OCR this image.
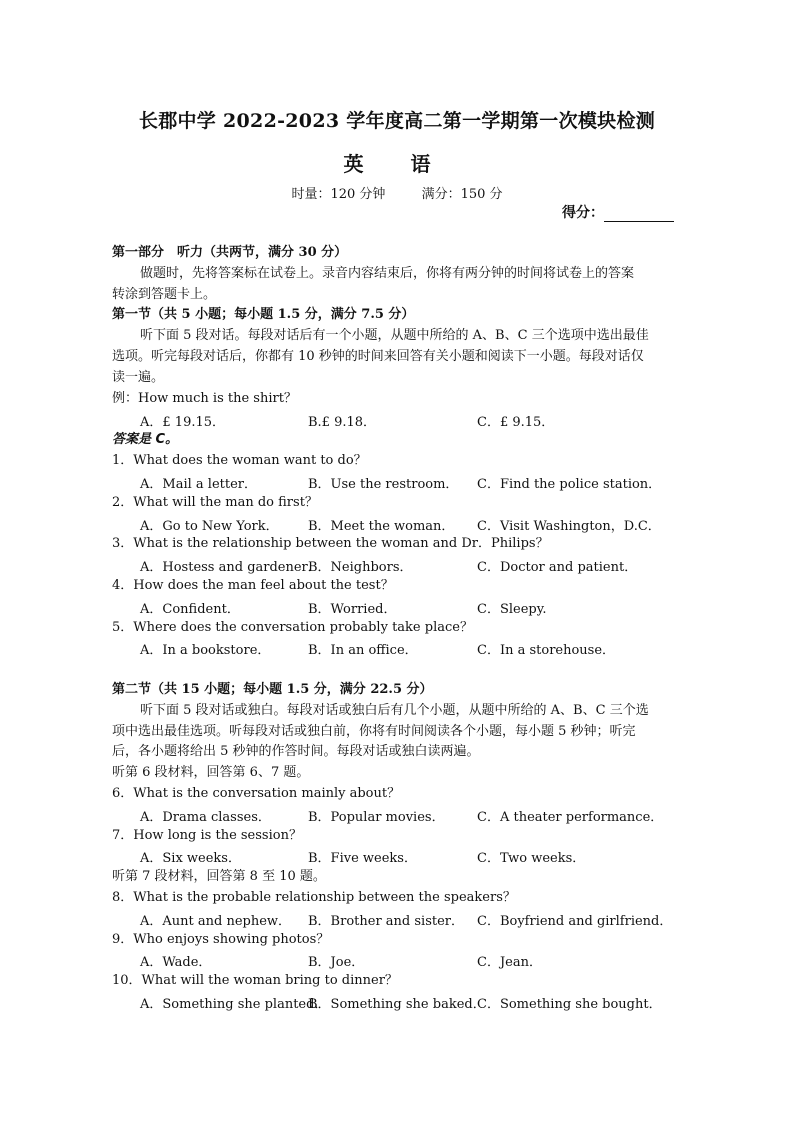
长郡中学 2022-2023 学年度高二第一学期第一次模块检测
英 语
时量：120 分钟	满分：150 分
得分：
第一部分　听力（共两节，满分 30 分）
做题时，先将答案标在试卷上。录音内容结束后，你将有两分钟的时间将试卷上的答案
转涂到答题卡上。
第一节（共 5 小题；每小题 1.5 分，满分 7.5 分）
听下面 5 段对话。每段对话后有一个小题，从题中所给的 A、B、C 三个选项中选出最佳
选项。听完每段对话后，你都有 10 秒钟的时间来回答有关小题和阅读下一小题。每段对话仅
读一遍。
例：How much is the shirt？
A．£ 19.15．	B.£ 9.18．	C．£ 9.15．
答案是 C。
1．What does the woman want to do？
A．Mail a letter．	B．Use the restroom． C．Find the police station．
2．What will the man do first？
A．Go to New York． B．Meet the woman． C．Visit Washington，D.C．
3．What is the relationship between the woman and Dr．Philips？
A．Hostess and gardener．
B．Neighbors．	C．Doctor and patient．
4．How does the man feel about the test？
A．Confident．	B．Worried．	C．Sleepy.
5．Where does the conversation probably take place？
A．In a bookstore．	B．In an office．	C．In a storehouse．
第二节（共 15 小题；每小题 1.5 分，满分 22.5 分）
听下面 5 段对话或独白。每段对话或独白后有几个小题，从题中所给的 A、B、C 三个选
项中选出最佳选项。听每段对话或独白前，你将有时间阅读各个小题，每小题 5 秒钟；听完
后，各小题将给出 5 秒钟的作答时间。每段对话或独白读两遍。
听第 6 段材料，回答第 6、7 题。
6．What is the conversation mainly about？
A．Drama classes．	B．Popular movies． C．A theater performance．
7．How long is the session？
A．Six weeks．	B．Five weeks．	C．Two weeks．
听第 7 段材料，回答第 8 至 10 题。
8．What is the probable relationship between the speakers？
A．Aunt and nephew． B．Brother and sister． C．Boyfriend and girlfriend．
9．Who enjoys showing photos？
A．Wade．	B．Joe．	C．Jean．
10．What will the woman bring to dinner？
A．Something she planted．
B．Something she baked．
C．Something she bought．
